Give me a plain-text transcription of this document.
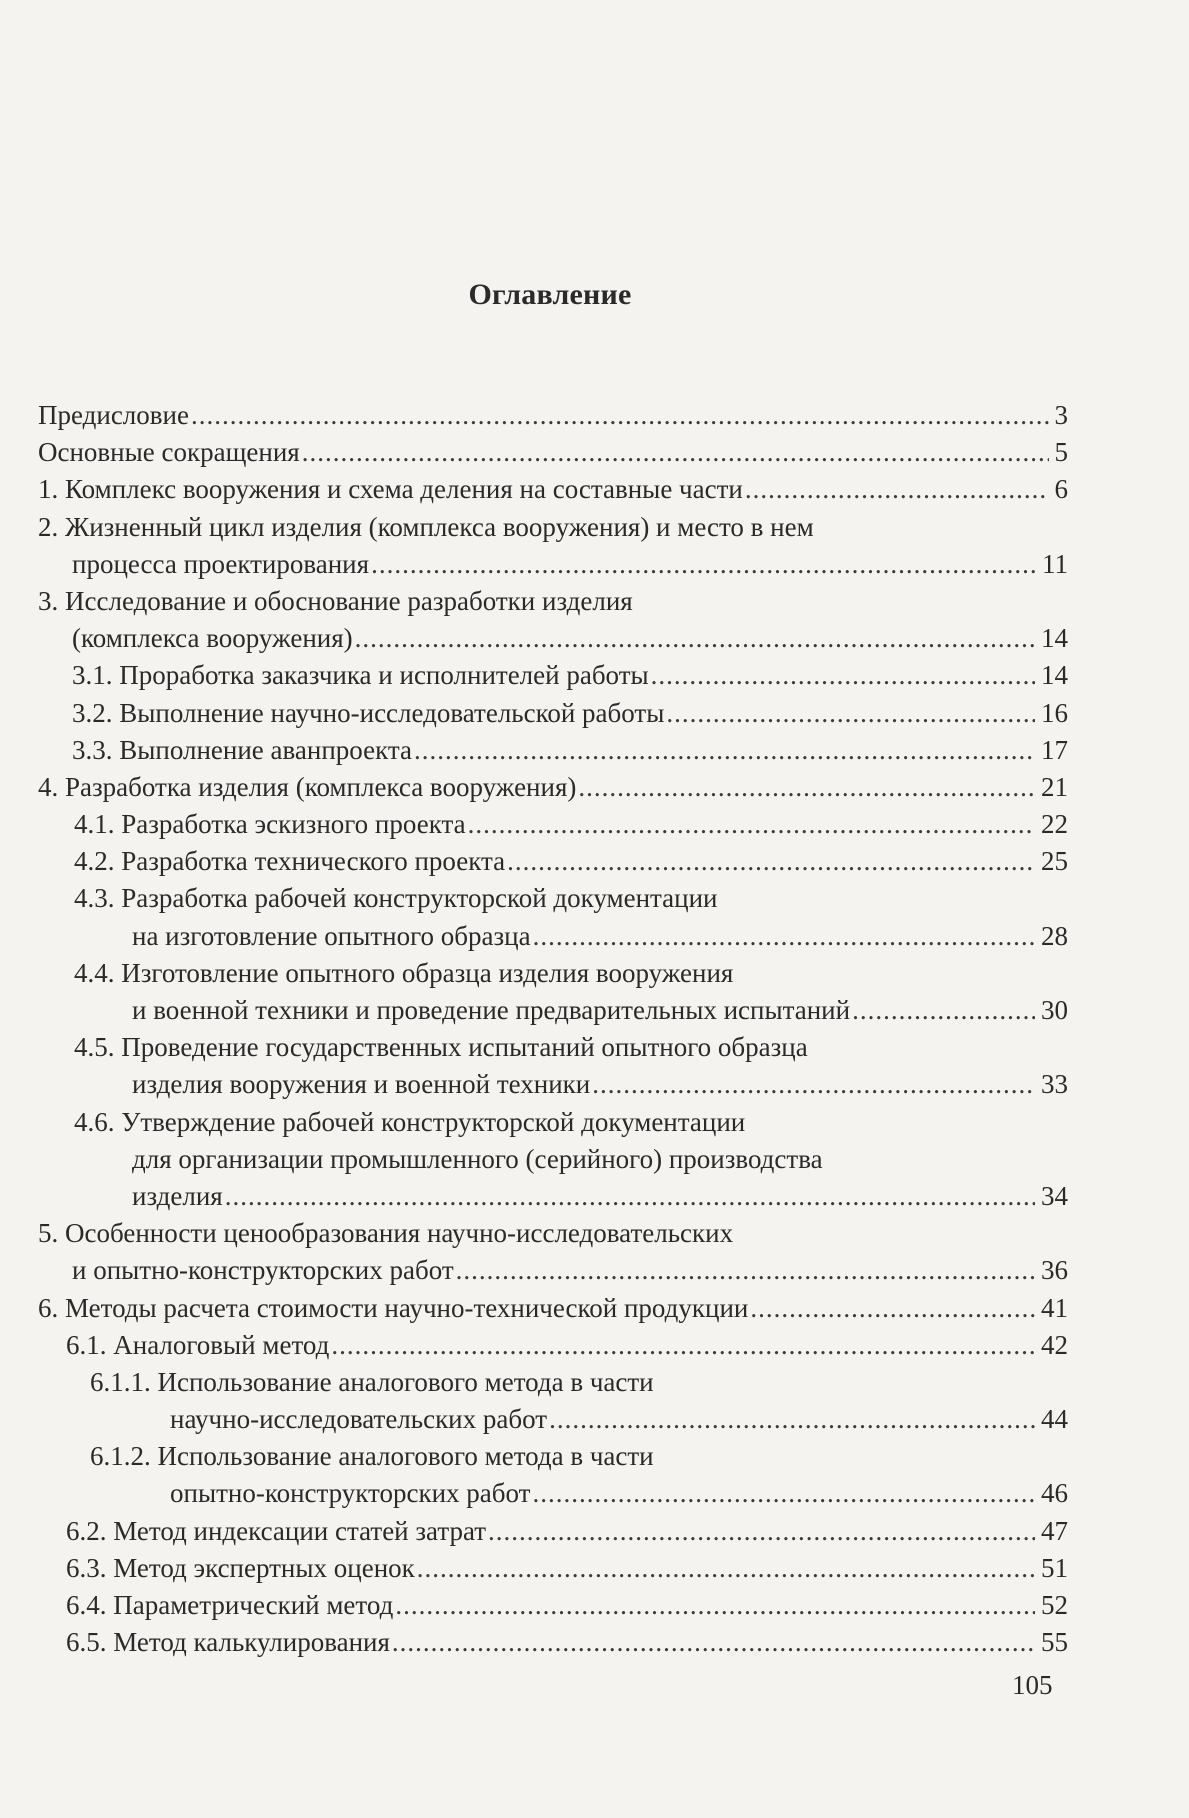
Оглавление
Предисловие .....	3
Основные сокращения .....	5
1. Комплекс вооружения и схема деления на составные части .....	6
2. Жизненный цикл изделия (комплекса вооружения) и место в нем
процесса проектирования .....	11
3. Исследование и обоснование разработки изделия
(комплекса вооружения) .....	14
3.1. Проработка заказчика и исполнителей работы .....	14
3.2. Выполнение научно-исследовательской работы .....	16
3.3. Выполнение аванпроекта .....	17
4. Разработка изделия (комплекса вооружения) .....	21
4.1. Разработка эскизного проекта .....	22
4.2. Разработка технического проекта .....	25
4.3. Разработка рабочей конструкторской документации
на изготовление опытного образца .....	28
4.4. Изготовление опытного образца изделия вооружения
и военной техники и проведение предварительных испытаний .....	30
4.5. Проведение государственных испытаний опытного образца
изделия вооружения и военной техники .....	33
4.6. Утверждение рабочей конструкторской документации
для организации промышленного (серийного) производства
изделия .....	34
5. Особенности ценообразования научно-исследовательских
и опытно-конструкторских работ .....	36
6. Методы расчета стоимости научно-технической продукции .....	41
6.1. Аналоговый метод .....	42
6.1.1. Использование аналогового метода в части
научно-исследовательских работ .....	44
6.1.2. Использование аналогового метода в части
опытно-конструкторских работ .....	46
6.2. Метод индексации статей затрат .....	47
6.3. Метод экспертных оценок .....	51
6.4. Параметрический метод .....	52
6.5. Метод калькулирования .....	55
105
